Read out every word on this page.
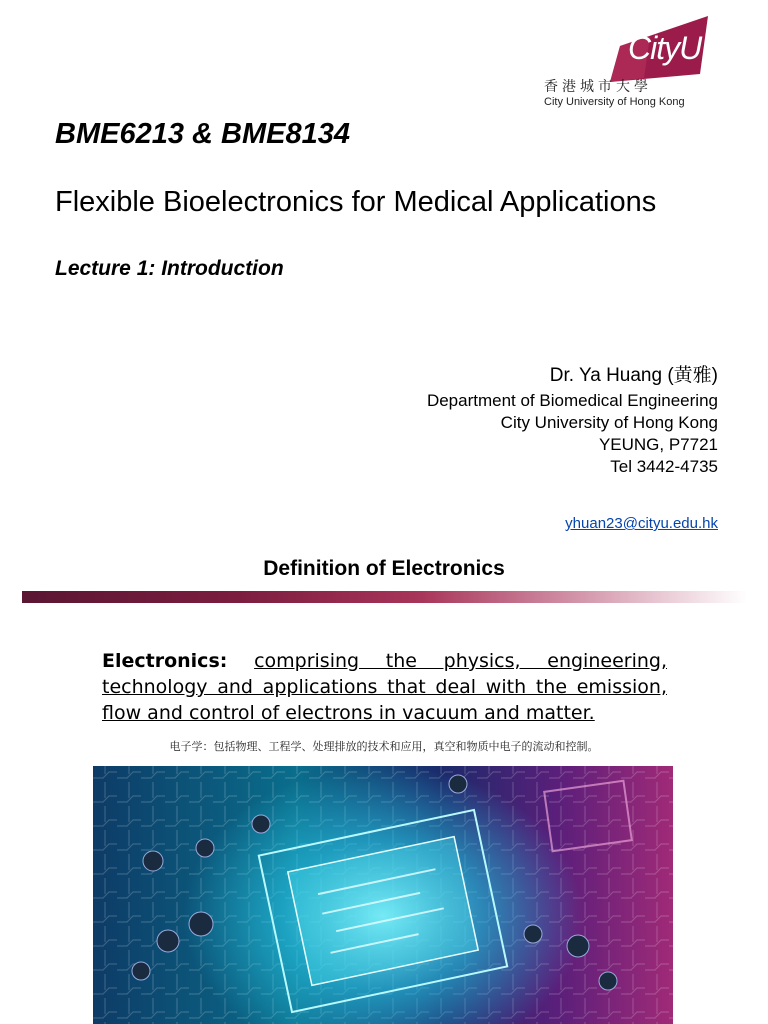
CityU
香港城市大學
City University of Hong Kong
BME6213 & BME8134
Flexible Bioelectronics for Medical Applications
Lecture 1: Introduction
Dr. Ya Huang (黄雅)
Department of Biomedical Engineering
City University of Hong Kong
YEUNG, P7721
Tel 3442-4735
yhuan23@cityu.edu.hk
Definition of Electronics
Electronics: comprising the physics, engineering, technology and applications that deal with the emission, flow and control of electrons in vacuum and matter.
电子学：包括物理、工程学、处理排放的技术和应用，真空和物质中电子的流动和控制。
